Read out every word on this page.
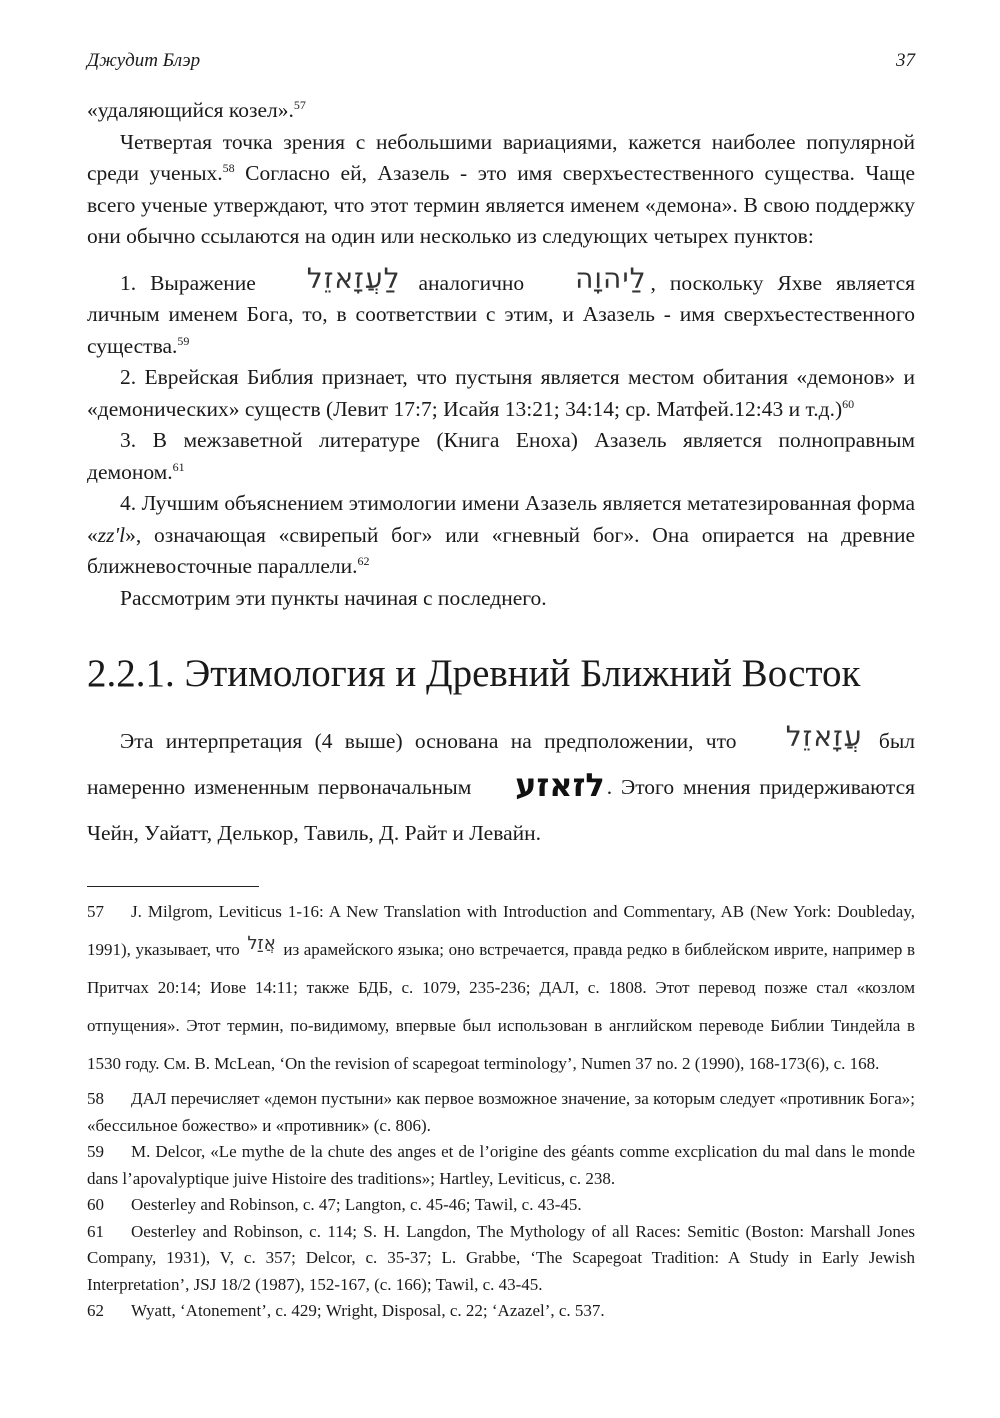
Джудит Блэр	37

«удаляющийся козел».$^{57}$

Четвертая точка зрения с небольшими вариациями, кажется наиболее популярной среди ученых.$^{58}$ Согласно ей, Азазель - это имя сверхъестественного существа. Чаще всего ученые утверждают, что этот термин является именем «демона». В свою поддержку они обычно ссылаются на один или несколько из следующих четырех пунктов:

1. Выражение לַעֲזָאזֵל аналогично לַיהוָה , поскольку Яхве является личным именем Бога, то, в соответствии с этим, и Азазель - имя сверхъестественного существа.$^{59}$

2. Еврейская Библия признает, что пустыня является местом обитания «демонов» и «демонических» существ (Левит 17:7; Исайя 13:21; 34:14; ср. Матфей.12:43 и т.д.)$^{60}$

3. В межзаветной литературе (Книга Еноха) Азазель является полноправным демоном.$^{61}$

4. Лучшим объяснением этимологии имени Азазель является метатезированная форма «zz'l», означающая «свирепый бог» или «гневный бог». Она опирается на древние ближневосточные параллели.$^{62}$

Рассмотрим эти пункты начиная с последнего.

2.2.1. Этимология и Древний Ближний Восток

Эта интерпретация (4 выше) основана на предположении, что עֲזָאזֵל был намеренно измененным первоначальным לזאזע. Этого мнения придерживаются Чейн, Уайатт, Делькор, Тавиль, Д. Райт и Левайн.

57 J. Milgrom, Leviticus 1-16: A New Translation with Introduction and Commentary, AB (New York: Doubleday, 1991), указывает, что אֲזַל из арамейского языка; оно встречается, правда редко в библейском иврите, например в Притчах 20:14; Иове 14:11; также БДБ, с. 1079, 235-236; ДАЛ, с. 1808. Этот перевод позже стал «козлом отпущения». Этот термин, по-видимому, впервые был использован в английском переводе Библии Тиндейла в 1530 году. См. B. McLean, ‘On the revision of scapegoat terminology’, Numen 37 no. 2 (1990), 168-173(6), с. 168.

58 ДАЛ перечисляет «демон пустыни» как первое возможное значение, за которым следует «противник Бога»; «бессильное божество» и «противник» (с. 806).

59 M. Delcor, «Le mythe de la chute des anges et de l’origine des géants comme excplication du mal dans le monde dans l’apovalyptique juive Histoire des traditions»; Hartley, Leviticus, с. 238.

60 Oesterley and Robinson, с. 47; Langton, с. 45-46; Tawil, с. 43-45.

61 Oesterley and Robinson, с. 114; S. H. Langdon, The Mythology of all Races: Semitic (Boston: Marshall Jones Company, 1931), V, с. 357; Delcor, с. 35-37; L. Grabbe, ‘The Scapegoat Tradition: A Study in Early Jewish Interpretation’, JSJ 18/2 (1987), 152-167, (с. 166); Tawil, с. 43-45.

62 Wyatt, ‘Atonement’, с. 429; Wright, Disposal, с. 22; ‘Azazel’, с. 537.
